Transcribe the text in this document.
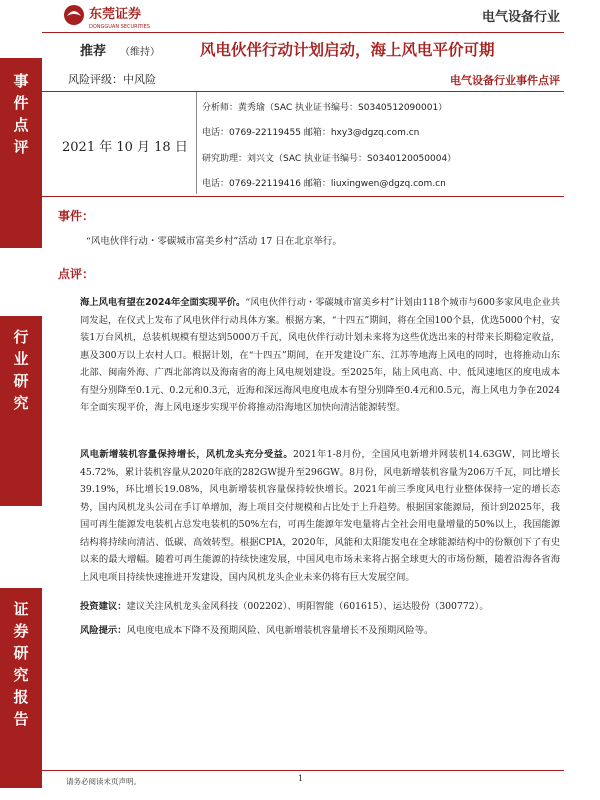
事
件
点
评
行
业
研
究
证
券
研
究
报
告
东莞证券
DONGGUAN SECURITIES
电气设备行业
推荐 （维持）
风险评级：中风险
风电伙伴行动计划启动，海上风电平价可期
电气设备行业事件点评
2021 年 10 月 18 日
分析师：黄秀瑜（SAC 执业证书编号：S0340512090001）
电话：0769-22119455 邮箱：hxy3@dgzq.com.cn
研究助理：刘兴文（SAC 执业证书编号：S0340120050004）
电话：0769-22119416 邮箱：liuxingwen@dgzq.com.cn
事件：
“风电伙伴行动・零碳城市富美乡村”活动 17 日在北京举行。
点评：

海上风电有望在2024年全面实现平价。“风电伙伴行动・零碳城市富美乡村”计划由118个城市与600多家风电企业共同发起，在仪式上发布了风电伙伴行动具体方案。根据方案，“十四五”期间，将在全国100个县，优选5000个村，安装1万台风机，总装机规模有望达到5000万千瓦，风电伙伴行动计划未来将为这些优选出来的村带来长期稳定收益，惠及300万以上农村人口。根据计划，在“十四五”期间，在开发建设广东、江苏等地海上风电的同时，也将推动山东北部、闽南外海、广西北部湾以及海南省的海上风电规划建设。至2025年，陆上风电高、中、低风速地区的度电成本有望分别降至0.1元、0.2元和0.3元，近海和深远海风电度电成本有望分别降至0.4元和0.5元，海上风电力争在2024年全面实现平价，海上风电逐步实现平价将推动沿海地区加快向清洁能源转型。

风电新增装机容量保持增长，风机龙头充分受益。2021年1-8月份，全国风电新增并网装机14.63GW，同比增长45.72%，累计装机容量从2020年底的282GW提升至296GW。8月份，风电新增装机容量为206万千瓦，同比增长39.19%，环比增长19.08%，风电新增装机容量保持较快增长。2021年前三季度风电行业整体保持一定的增长态势，国内风机龙头公司在手订单增加，海上项目交付规模和占比处于上升趋势。根据国家能源局，预计到2025年，我国可再生能源发电装机占总发电装机的50%左右，可再生能源年发电量将占全社会用电量增量的50%以上，我国能源结构将持续向清洁、低碳、高效转型。根据CPIA，2020年，风能和太阳能发电在全球能源结构中的份额创下了有史以来的最大增幅。随着可再生能源的持续快速发展，中国风电市场未来将占据全球更大的市场份额，随着沿海各省海上风电项目持续快速推进开发建设，国内风机龙头企业未来仍将有巨大发展空间。

投资建议：建议关注风机龙头金风科技（002202）、明阳智能（601615）、运达股份（300772）。

风险提示：风电度电成本下降不及预期风险、风电新增装机容量增长不及预期风险等。

请务必阅读末页声明。	1
